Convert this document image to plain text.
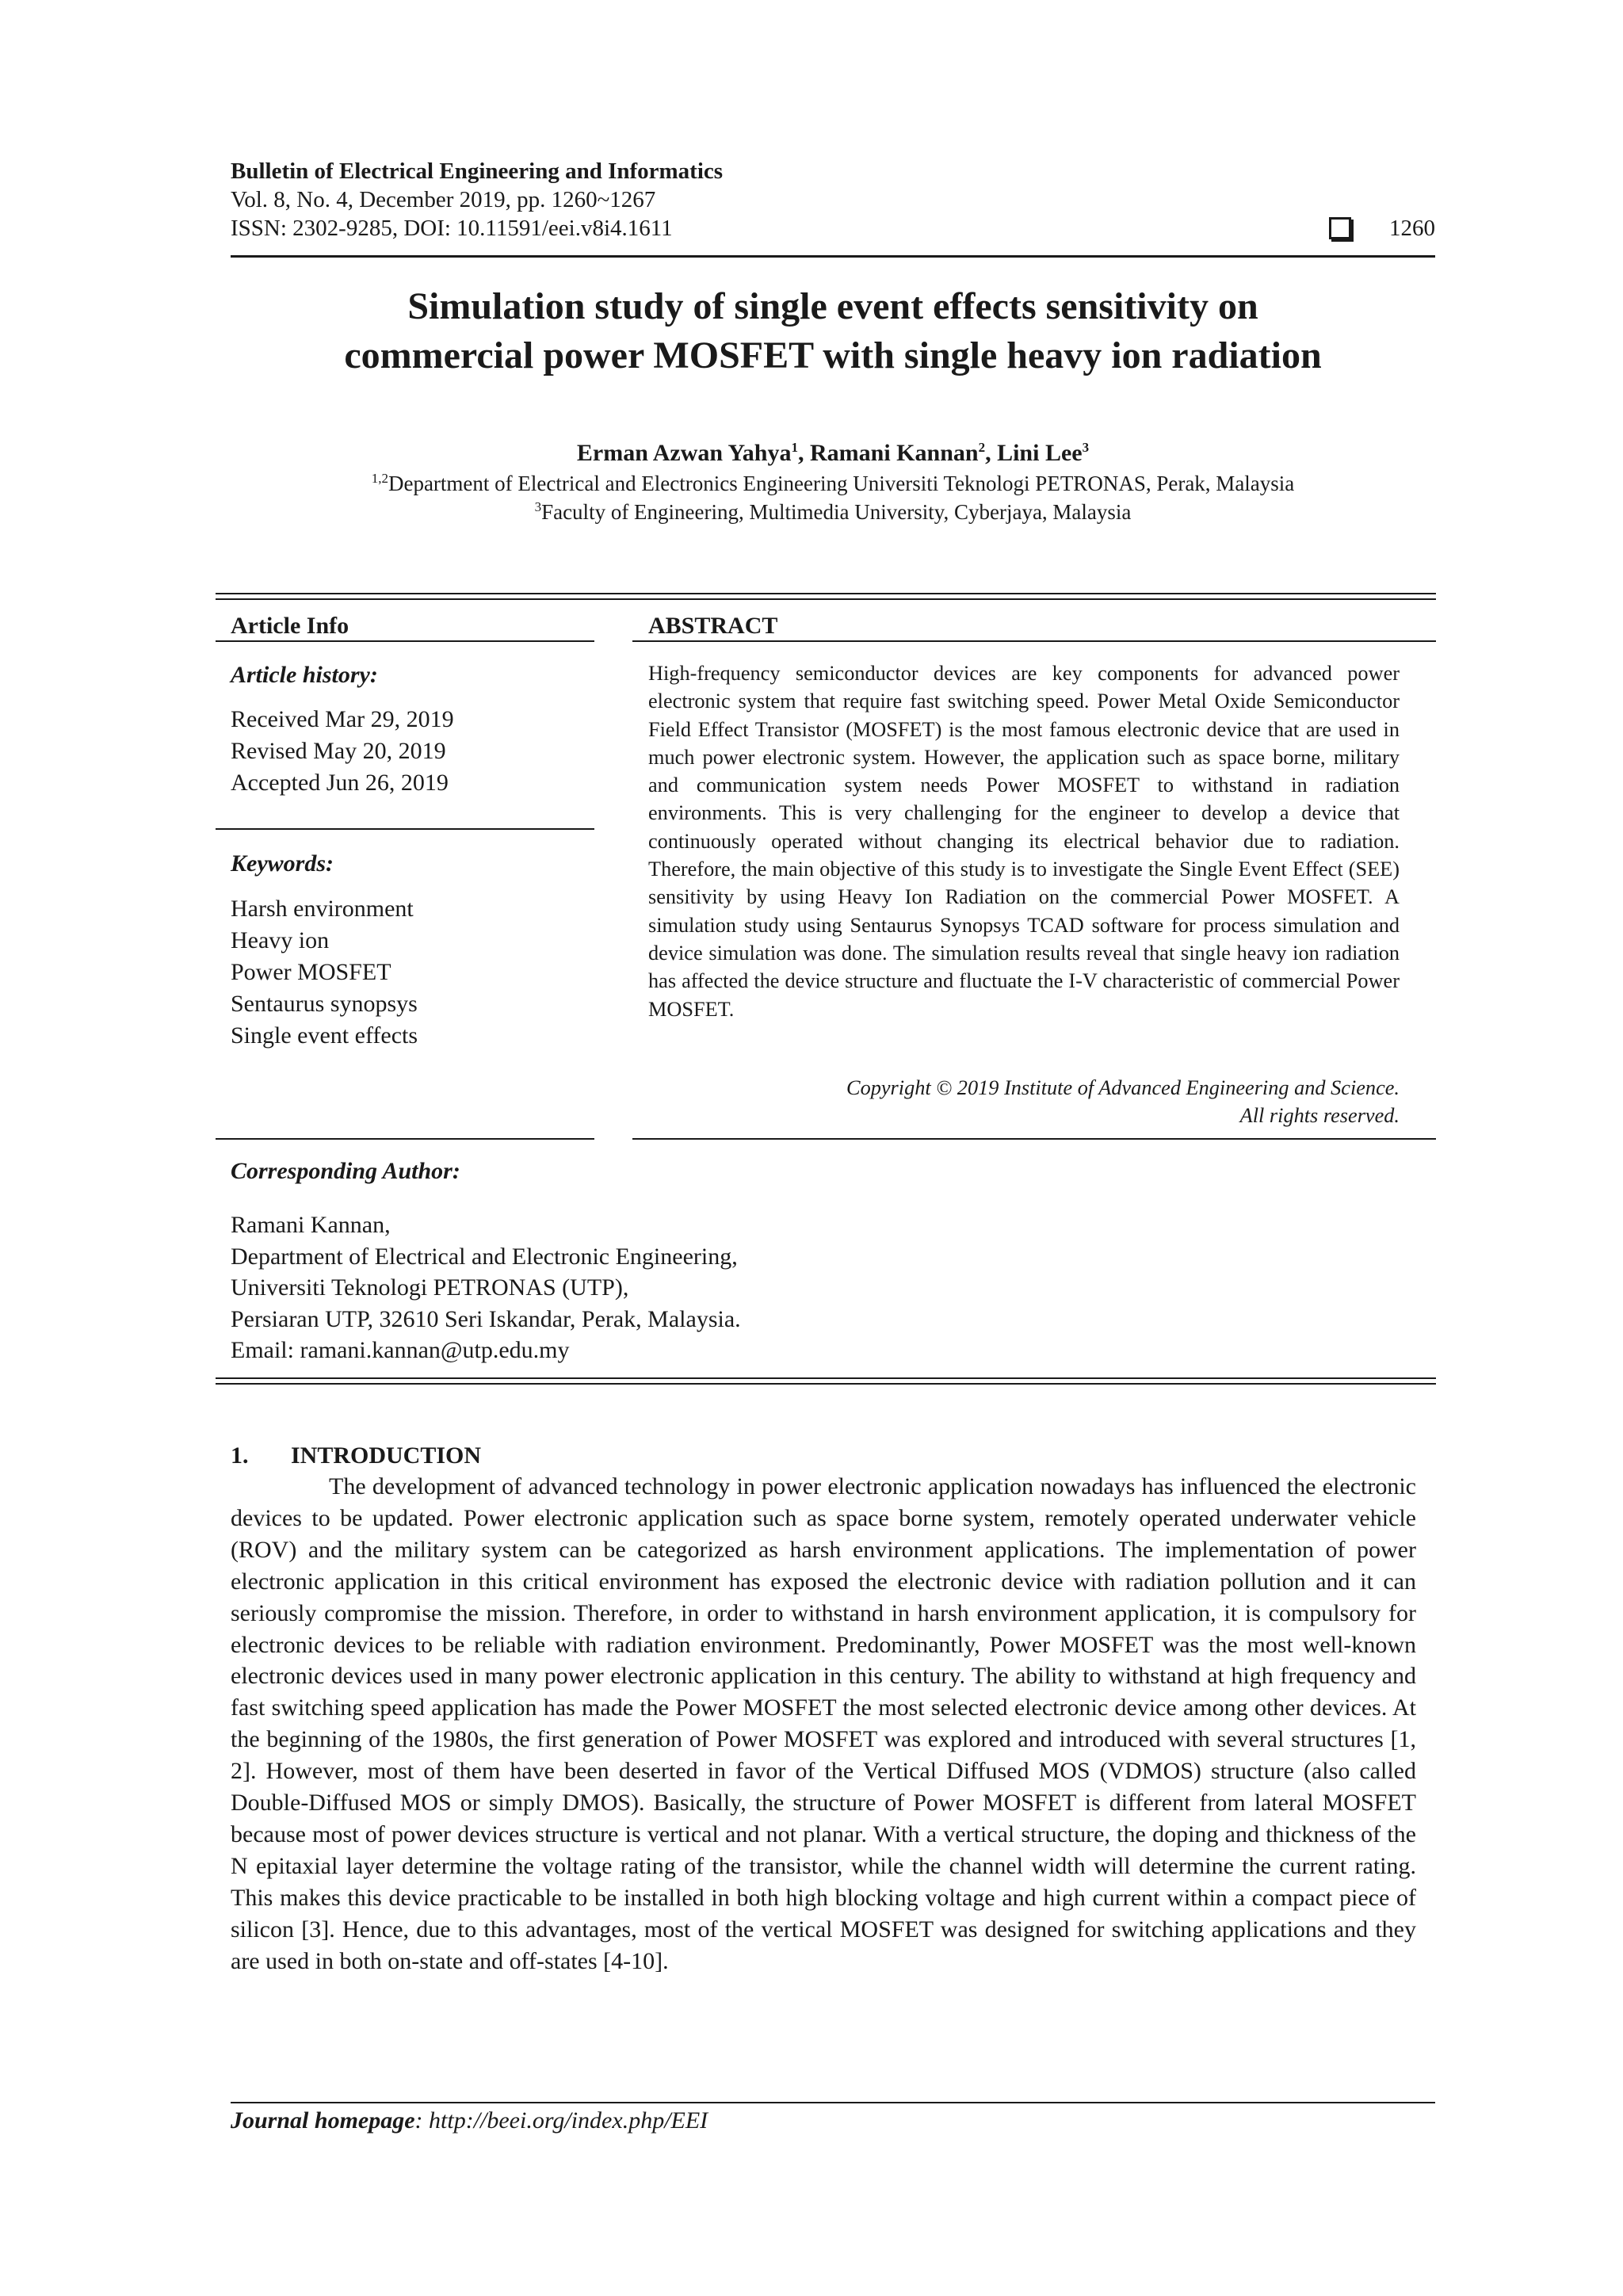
Bulletin of Electrical Engineering and Informatics
Vol. 8, No. 4, December 2019, pp. 1260~1267
ISSN: 2302-9285, DOI: 10.11591/eei.v8i4.1611	1260
Simulation study of single event effects sensitivity on
commercial power MOSFET with single heavy ion radiation
Erman Azwan Yahya$^1$, Ramani Kannan$^2$, Lini Lee$^3$
$^{1,2}$Department of Electrical and Electronics Engineering Universiti Teknologi PETRONAS, Perak, Malaysia
$^3$Faculty of Engineering, Multimedia University, Cyberjaya, Malaysia
Article Info
Article history:
Received Mar 29, 2019
Revised May 20, 2019
Accepted Jun 26, 2019
Keywords:
Harsh environment
Heavy ion
Power MOSFET
Sentaurus synopsys
Single event effects
ABSTRACT
High-frequency semiconductor devices are key components for advanced power electronic system that require fast switching speed. Power Metal Oxide Semiconductor Field Effect Transistor (MOSFET) is the most famous electronic device that are used in much power electronic system. However, the application such as space borne, military and communication system needs Power MOSFET to withstand in radiation environments. This is very challenging for the engineer to develop a device that continuously operated without changing its electrical behavior due to radiation. Therefore, the main objective of this study is to investigate the Single Event Effect (SEE) sensitivity by using Heavy Ion Radiation on the commercial Power MOSFET. A simulation study using Sentaurus Synopsys TCAD software for process simulation and device simulation was done. The simulation results reveal that single heavy ion radiation has affected the device structure and fluctuate the I-V characteristic of commercial Power MOSFET.
Copyright © 2019 Institute of Advanced Engineering and Science.
All rights reserved.
Corresponding Author:
Ramani Kannan,
Department of Electrical and Electronic Engineering,
Universiti Teknologi PETRONAS (UTP),
Persiaran UTP, 32610 Seri Iskandar, Perak, Malaysia.
Email: ramani.kannan@utp.edu.my
1. INTRODUCTION
The development of advanced technology in power electronic application nowadays has influenced the electronic devices to be updated. Power electronic application such as space borne system, remotely operated underwater vehicle (ROV) and the military system can be categorized as harsh environment applications. The implementation of power electronic application in this critical environment has exposed the electronic device with radiation pollution and it can seriously compromise the mission. Therefore, in order to withstand in harsh environment application, it is compulsory for electronic devices to be reliable with radiation environment. Predominantly, Power MOSFET was the most well-known electronic devices used in many power electronic application in this century. The ability to withstand at high frequency and fast switching speed application has made the Power MOSFET the most selected electronic device among other devices. At the beginning of the 1980s, the first generation of Power MOSFET was explored and introduced with several structures [1, 2]. However, most of them have been deserted in favor of the Vertical Diffused MOS (VDMOS) structure (also called Double-Diffused MOS or simply DMOS). Basically, the structure of Power MOSFET is different from lateral MOSFET because most of power devices structure is vertical and not planar. With a vertical structure, the doping and thickness of the N epitaxial layer determine the voltage rating of the transistor, while the channel width will determine the current rating. This makes this device practicable to be installed in both high blocking voltage and high current within a compact piece of silicon [3]. Hence, due to this advantages, most of the vertical MOSFET was designed for switching applications and they are used in both on-state and off-states [4-10].
Journal homepage: http://beei.org/index.php/EEI
